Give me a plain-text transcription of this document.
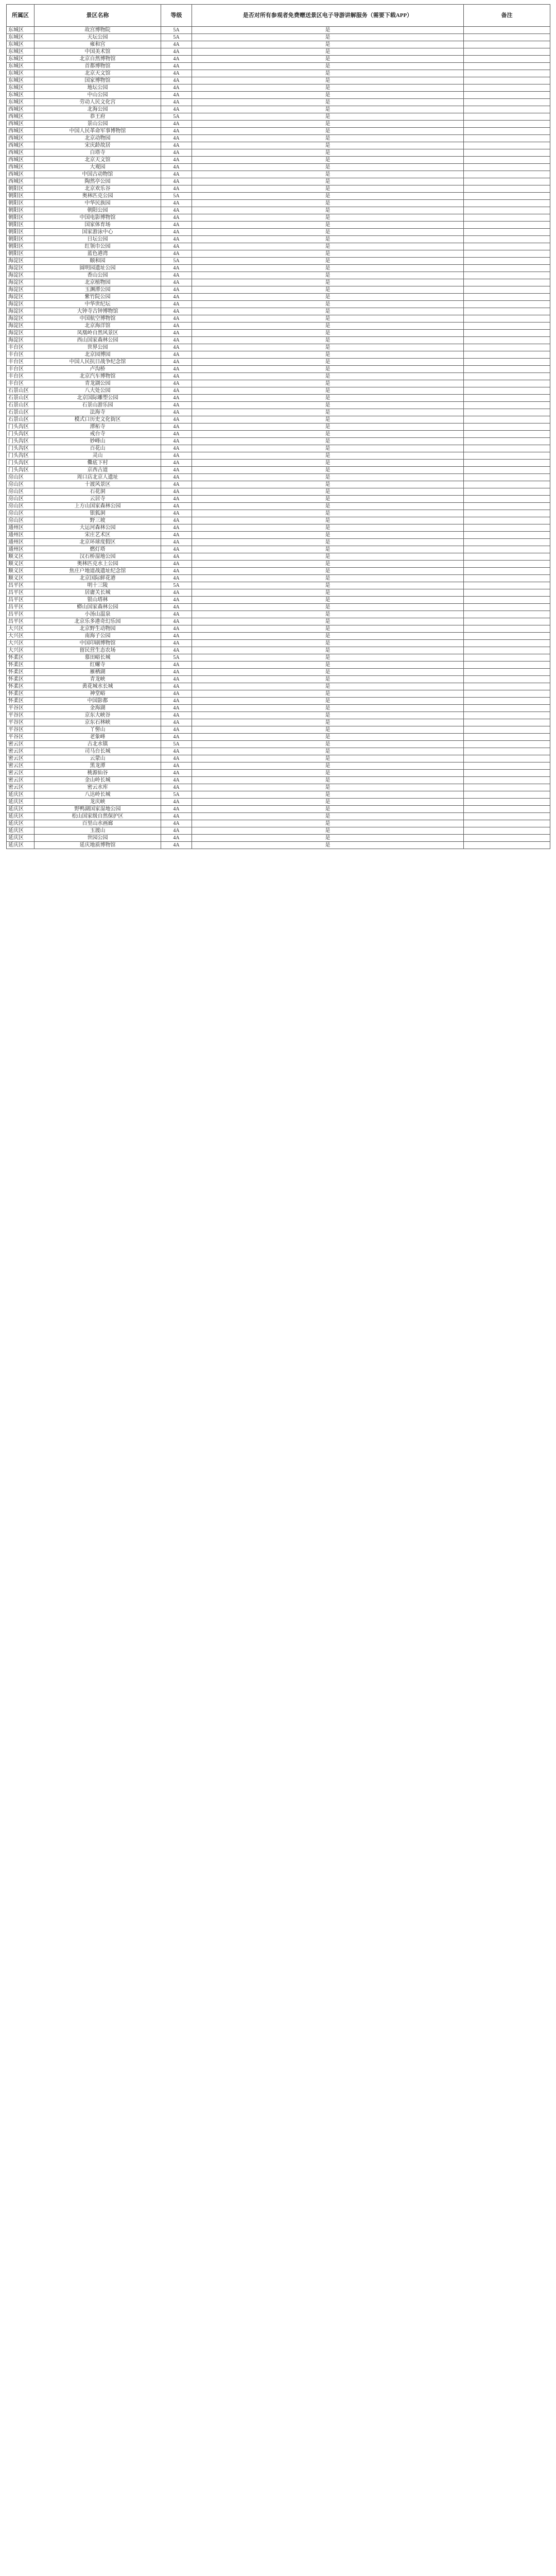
所属区	景区名称	等级	是否对所有参观者免费赠送景区电子导游讲解服务（需要下载APP）	备注
东城区	故宫博物院	5A	是	
东城区	天坛公园	5A	是	
东城区	雍和宫	4A	是	
东城区	中国美术馆	4A	是	
东城区	北京自然博物馆	4A	是	
东城区	首都博物馆	4A	是	
东城区	北京天文馆	4A	是	
东城区	国家博物馆	4A	是	
东城区	地坛公园	4A	是	
东城区	中山公园	4A	是	
东城区	劳动人民文化宫	4A	是	
西城区	北海公园	4A	是	
西城区	恭王府	5A	是	
西城区	景山公园	4A	是	
西城区	中国人民革命军事博物馆	4A	是	
西城区	北京动物园	4A	是	
西城区	宋庆龄故居	4A	是	
西城区	白塔寺	4A	是	
西城区	北京天文馆	4A	是	
西城区	大观园	4A	是	
西城区	中国古动物馆	4A	是	
西城区	陶然亭公园	4A	是	
朝阳区	北京欢乐谷	4A	是	
朝阳区	奥林匹克公园	5A	是	
朝阳区	中华民族园	4A	是	
朝阳区	朝阳公园	4A	是	
朝阳区	中国电影博物馆	4A	是	
朝阳区	国家体育场	4A	是	
朝阳区	国家游泳中心	4A	是	
朝阳区	日坛公园	4A	是	
朝阳区	红领巾公园	4A	是	
朝阳区	蓝色港湾	4A	是	
海淀区	颐和园	5A	是	
海淀区	圆明园遗址公园	4A	是	
海淀区	香山公园	4A	是	
海淀区	北京植物园	4A	是	
海淀区	玉渊潭公园	4A	是	
海淀区	紫竹院公园	4A	是	
海淀区	中华世纪坛	4A	是	
海淀区	大钟寺古钟博物馆	4A	是	
海淀区	中国航空博物馆	4A	是	
海淀区	北京海洋馆	4A	是	
海淀区	凤凰岭自然风景区	4A	是	
海淀区	西山国家森林公园	4A	是	
丰台区	世界公园	4A	是	
丰台区	北京园博园	4A	是	
丰台区	中国人民抗日战争纪念馆	4A	是	
丰台区	卢沟桥	4A	是	
丰台区	北京汽车博物馆	4A	是	
丰台区	青龙湖公园	4A	是	
石景山区	八大处公园	4A	是	
石景山区	北京国际雕塑公园	4A	是	
石景山区	石景山游乐园	4A	是	
石景山区	法海寺	4A	是	
石景山区	模式口历史文化街区	4A	是	
门头沟区	潭柘寺	4A	是	
门头沟区	戒台寺	4A	是	
门头沟区	妙峰山	4A	是	
门头沟区	百花山	4A	是	
门头沟区	灵山	4A	是	
门头沟区	爨底下村	4A	是	
门头沟区	京西古道	4A	是	
房山区	周口店北京人遗址	4A	是	
房山区	十渡风景区	4A	是	
房山区	石花洞	4A	是	
房山区	云居寺	4A	是	
房山区	上方山国家森林公园	4A	是	
房山区	银狐洞	4A	是	
房山区	野三坡	4A	是	
通州区	大运河森林公园	4A	是	
通州区	宋庄艺术区	4A	是	
通州区	北京环球度假区	4A	是	
通州区	燃灯塔	4A	是	
顺义区	汉石桥湿地公园	4A	是	
顺义区	奥林匹克水上公园	4A	是	
顺义区	焦庄户地道战遗址纪念馆	4A	是	
顺义区	北京国际鲜花港	4A	是	
昌平区	明十三陵	5A	是	
昌平区	居庸关长城	4A	是	
昌平区	银山塔林	4A	是	
昌平区	蟒山国家森林公园	4A	是	
昌平区	小汤山温泉	4A	是	
昌平区	北京乐多港奇幻乐园	4A	是	
大兴区	北京野生动物园	4A	是	
大兴区	南海子公园	4A	是	
大兴区	中国印刷博物馆	4A	是	
大兴区	留民营生态农场	4A	是	
怀柔区	慕田峪长城	5A	是	
怀柔区	红螺寺	4A	是	
怀柔区	雁栖湖	4A	是	
怀柔区	青龙峡	4A	是	
怀柔区	黄花城水长城	4A	是	
怀柔区	神堂峪	4A	是	
怀柔区	中国影都	4A	是	
平谷区	金海湖	4A	是	
平谷区	京东大峡谷	4A	是	
平谷区	京东石林峡	4A	是	
平谷区	丫髻山	4A	是	
平谷区	老象峰	4A	是	
密云区	古北水镇	5A	是	
密云区	司马台长城	4A	是	
密云区	云蒙山	4A	是	
密云区	黑龙潭	4A	是	
密云区	桃源仙谷	4A	是	
密云区	金山岭长城	4A	是	
密云区	密云水库	4A	是	
延庆区	八达岭长城	5A	是	
延庆区	龙庆峡	4A	是	
延庆区	野鸭湖国家湿地公园	4A	是	
延庆区	松山国家级自然保护区	4A	是	
延庆区	百里山水画廊	4A	是	
延庆区	玉渡山	4A	是	
延庆区	世园公园	4A	是	
延庆区	延庆地质博物馆	4A	是	
